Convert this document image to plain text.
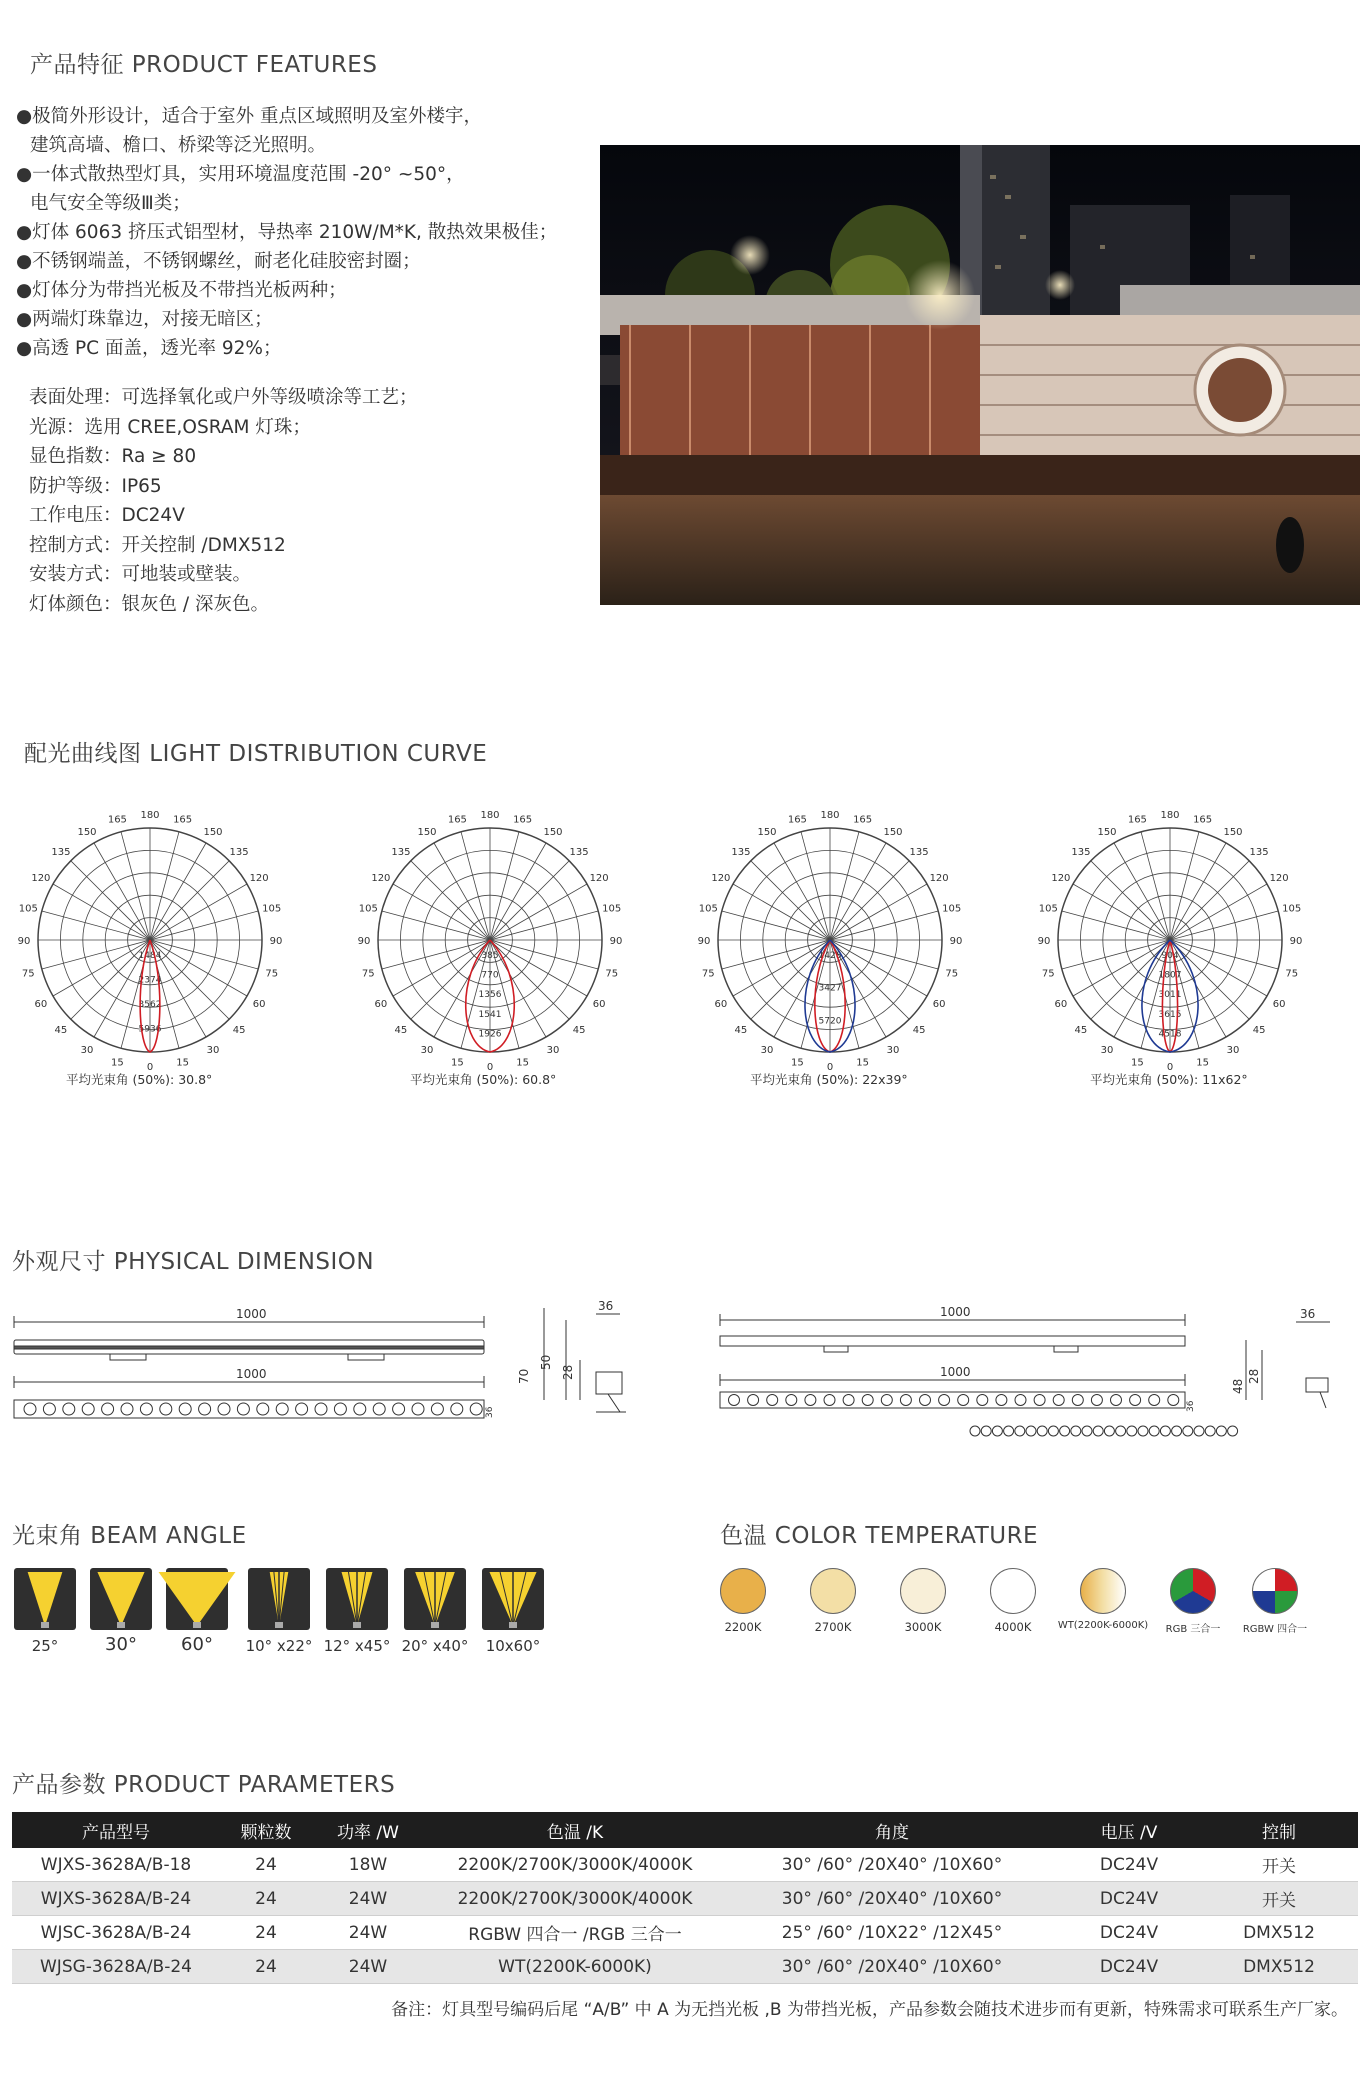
产品特征 PRODUCT FEATURES
●极简外形设计，适合于室外 重点区域照明及室外楼宇，
建筑高墙、檐口、桥梁等泛光照明。
●一体式散热型灯具，实用环境温度范围 -20° ~50°，
电气安全等级Ⅲ类；
●灯体 6063 挤压式铝型材，导热率 210W/M*K, 散热效果极佳；
●不锈钢端盖，不锈钢螺丝，耐老化硅胶密封圈；
●灯体分为带挡光板及不带挡光板两种；
●两端灯珠靠边，对接无暗区；
●高透 PC 面盖，透光率 92%；
表面处理：可选择氧化或户外等级喷涂等工艺；
光源：选用 CREE,OSRAM 灯珠；
显色指数：Ra ≥ 80
防护等级：IP65
工作电压：DC24V
控制方式：开关控制 /DMX512
安装方式：可地装或壁装。
灯体颜色：银灰色 / 深灰色。
配光曲线图 LIGHT DISTRIBUTION CURVE
180 165
165
150
150
135
135
120
120
105
105
90
90
75
75
60
60
45
45
30
30
15
15 0
1484
2374
3562
5936
180 165
165
150
150
135
135
120
120
105
105
90
90
75
75
60
60
45
45
30
30
15
15 0
385
770
1356
1541
1926
180 165
165
150
150
135
135
120
120
105
105
90
90
75
75
60
60
45
45
30
30
15
15 0
1428
3427
5720
180 165
165
150
150
135
135
120
120
105
105
90
90
75
75
60
60
45
45
30
30
15
15 0
904
1807
3011
3615
4518
平均光束角 (50%): 30.8°	平均光束角 (50%): 60.8°	平均光束角 (50%): 22x39°	平均光束角 (50%): 11x62°
外观尺寸 PHYSICAL DIMENSION
1000
1000
36
70
50
28
36
1000
1000
36
48
28
36
光束角 BEAM ANGLE
25°	30°	60°	10° x22° 12° x45° 20° x40°	10x60°
色温 COLOR TEMPERATURE
2200K	2700K	3000K	4000K	WT(2200K-6000K)	RGB 三合一	RGBW 四合一
产品参数 PRODUCT PARAMETERS
产品型号	颗粒数	功率 /W	色温 /K	角度	电压 /V	控制
WJXS-3628A/B-18	24	18W	2200K/2700K/3000K/4000K	30° /60° /20X40° /10X60°	DC24V	开关
WJXS-3628A/B-24	24	24W	2200K/2700K/3000K/4000K	30° /60° /20X40° /10X60°	DC24V	开关
WJSC-3628A/B-24	24	24W	RGBW 四合一 /RGB 三合一	25° /60° /10X22° /12X45°	DC24V	DMX512
WJSG-3628A/B-24	24	24W	WT(2200K-6000K)	30° /60° /20X40° /10X60°	DC24V	DMX512
备注：灯具型号编码后尾 “A/B” 中 A 为无挡光板 ,B 为带挡光板，产品参数会随技术进步而有更新，特殊需求可联系生产厂家。
